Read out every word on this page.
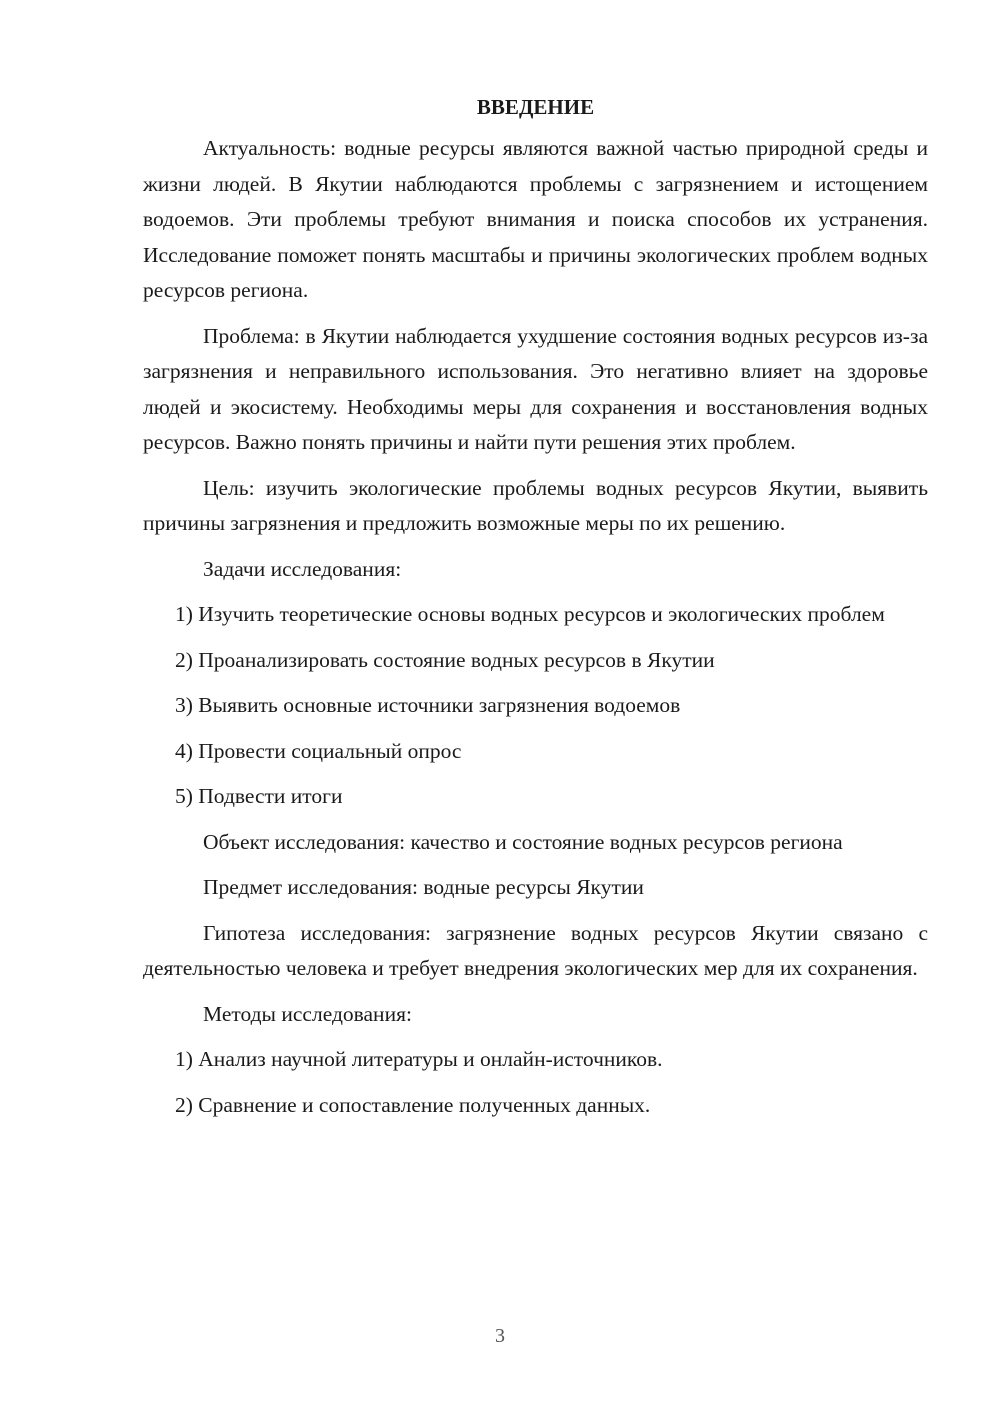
ВВЕДЕНИЕ

Актуальность: водные ресурсы являются важной частью природной среды и жизни людей. В Якутии наблюдаются проблемы с загрязнением и истощением водоемов. Эти проблемы требуют внимания и поиска способов их устранения. Исследование поможет понять масштабы и причины экологических проблем водных ресурсов региона.

Проблема: в Якутии наблюдается ухудшение состояния водных ресурсов из-за загрязнения и неправильного использования. Это негативно влияет на здоровье людей и экосистему. Необходимы меры для сохранения и восстановления водных ресурсов. Важно понять причины и найти пути решения этих проблем.

Цель: изучить экологические проблемы водных ресурсов Якутии, выявить причины загрязнения и предложить возможные меры по их решению.

Задачи исследования:

1) Изучить теоретические основы водных ресурсов и экологических проблем

2) Проанализировать состояние водных ресурсов в Якутии

3) Выявить основные источники загрязнения водоемов

4) Провести социальный опрос

5) Подвести итоги

Объект исследования: качество и состояние водных ресурсов региона

Предмет исследования: водные ресурсы Якутии

Гипотеза исследования: загрязнение водных ресурсов Якутии связано с деятельностью человека и требует внедрения экологических мер для их сохранения.

Методы исследования:

1) Анализ научной литературы и онлайн-источников.

2) Сравнение и сопоставление полученных данных.

3
